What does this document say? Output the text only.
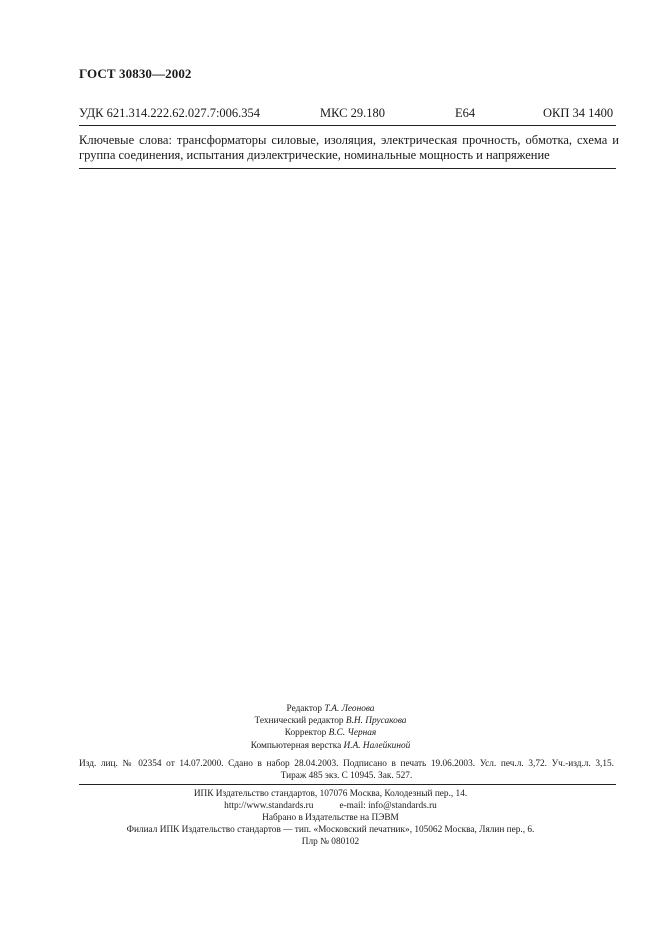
ГОСТ 30830—2002
УДК 621.314.222.62.027.7:006.354	МКС 29.180	Е64	ОКП 34 1400
Ключевые слова: трансформаторы силовые, изоляция, электрическая прочность, обмотка, схема и
группа соединения, испытания диэлектрические, номинальные мощность и напряжение
Редактор Т.А. Леонова
Технический редактор В.Н. Прусакова
Корректор В.С. Черная
Компьютерная верстка И.А. Налейкиной
Изд. лиц. № 02354 от 14.07.2000. Сдано в набор 28.04.2003. Подписано в печать 19.06.2003. Усл. печ.л. 3,72. Уч.-изд.л. 3,15.
Тираж 485 экз. С 10945. Зак. 527.
ИПК Издательство стандартов, 107076 Москва, Колодезный пер., 14.
http://www.standards.ru	e-mail: info@standards.ru
Набрано в Издательстве на ПЭВМ
Филиал ИПК Издательство стандартов — тип. «Московский печатник», 105062 Москва, Лялин пер., 6.
Плр № 080102
